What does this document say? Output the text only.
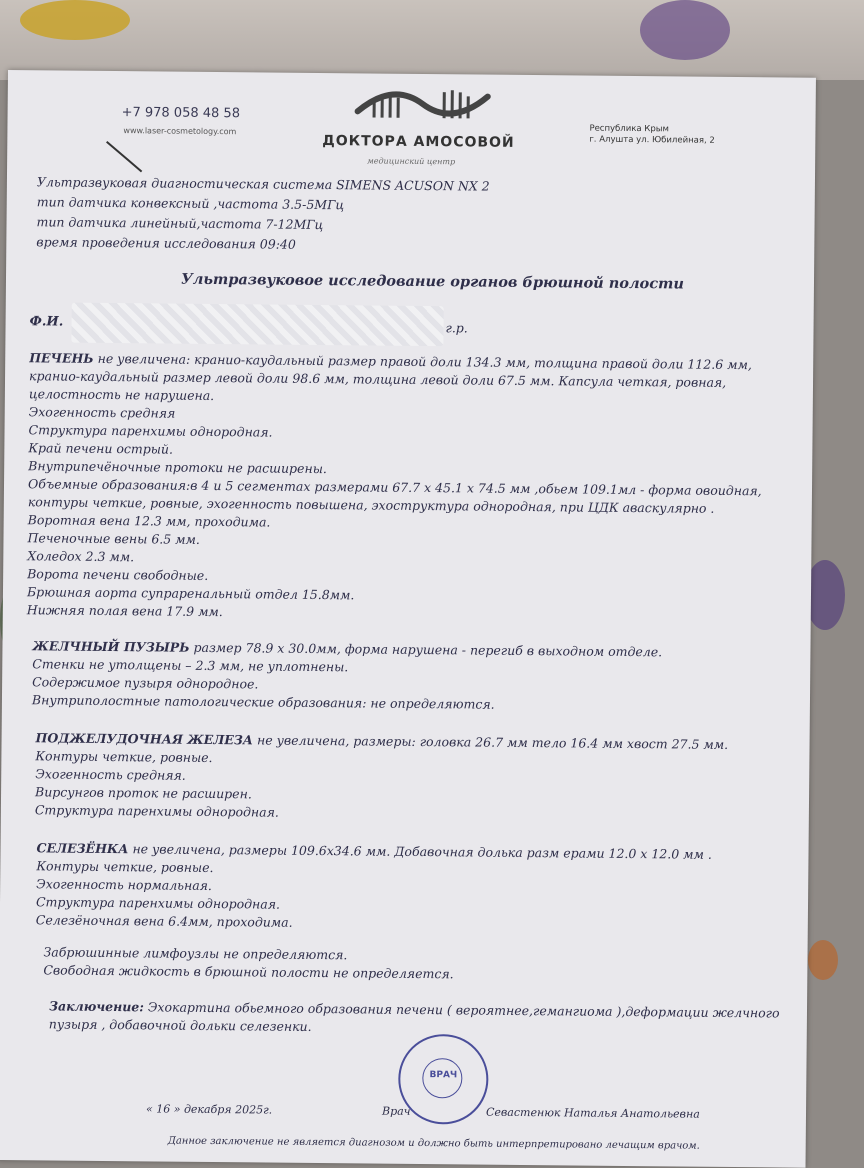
+7 978 058 48 58
www.laser-cosmetology.com
ДОКТОРА АМОСОВОЙ
медицинский центр
Республика Крым
г. Алушта ул. Юбилейная, 2
Ультразвуковая диагностическая система SIMENS ACUSON NX 2
тип датчика конвексный ,частота 3.5-5МГц
тип датчика линейный,частота 7-12МГц
время проведения исследования 09:40
Ультразвуковое исследование органов брюшной полости
Ф.И.	г.р.
ПЕЧЕНЬ не увеличена: кранио-каудальный размер правой доли 134.3 мм, толщина правой доли 112.6 мм,
кранио-каудальный размер левой доли 98.6 мм, толщина левой доли 67.5 мм. Капсула четкая, ровная,
целостность не нарушена.
Эхогенность средняя
Структура паренхимы однородная.
Край печени острый.
Внутрипечёночные протоки не расширены.
Объемные образования:в 4 и 5 сегментах размерами 67.7 х 45.1 х 74.5 мм ,обьем 109.1мл - форма овоидная,
контуры четкие, ровные, эхогенность повышена, эхоструктура однородная, при ЦДК аваскулярно .
Воротная вена 12.3 мм, проходима.
Печеночные вены 6.5 мм.
Холедох 2.3 мм.
Ворота печени свободные.
Брюшная аорта супраренальный отдел 15.8мм.
Нижняя полая вена 17.9 мм.
ЖЕЛЧНЫЙ ПУЗЫРЬ размер 78.9 х 30.0мм, форма нарушена - перегиб в выходном отделе.
Стенки не утолщены – 2.3 мм, не уплотнены.
Содержимое пузыря однородное.
Внутриполостные патологические образования: не определяются.
ПОДЖЕЛУДОЧНАЯ ЖЕЛЕЗА не увеличена, размеры: головка 26.7 мм тело 16.4 мм хвост 27.5 мм.
Контуры четкие, ровные.
Эхогенность средняя.
Вирсунгов проток не расширен.
Структура паренхимы однородная.
СЕЛЕЗЁНКА не увеличена, размеры 109.6х34.6 мм. Добавочная долька разм ерами 12.0 х 12.0 мм .
Контуры четкие, ровные.
Эхогенность нормальная.
Структура паренхимы однородная.
Селезёночная вена 6.4мм, проходима.
Забрюшинные лимфоузлы не определяются.
Свободная жидкость в брюшной полости не определяется.
Заключение: Эхокартина обьемного образования печени ( вероятнее,гемангиома ),деформации желчного
пузыря , добавочной дольки селезенки.
ВРАЧ
« 16 » декабря 2025г.	Врач	Севастенюк Наталья Анатольевна
Данное заключение не является диагнозом и должно быть интерпретировано лечащим врачом.
